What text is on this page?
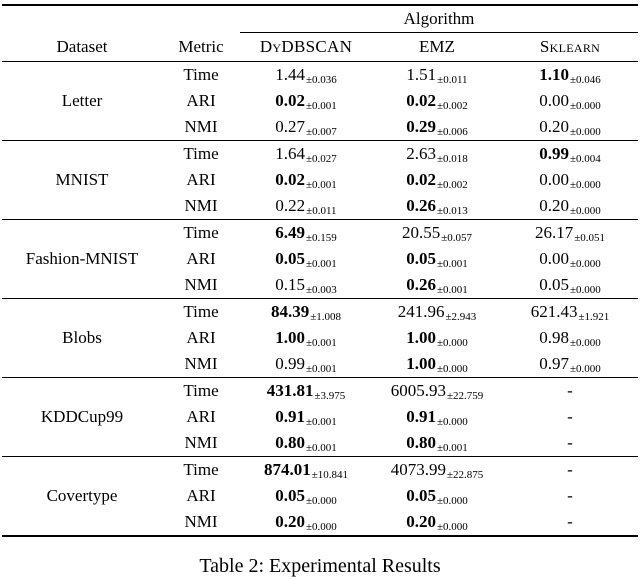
		Algorithm		
Dataset	Metric	DyDBSCAN	EMZ	Sklearn
Letter	Time	1.44±0.036	1.51±0.011	1.10±0.046
	ARI	0.02±0.001	0.02±0.002	0.00±0.000
	NMI	0.27±0.007	0.29±0.006	0.20±0.000
MNIST	Time	1.64±0.027	2.63±0.018	0.99±0.004
	ARI	0.02±0.001	0.02±0.002	0.00±0.000
	NMI	0.22±0.011	0.26±0.013	0.20±0.000
Fashion-MNIST	Time	6.49±0.159	20.55±0.057	26.17±0.051
	ARI	0.05±0.001	0.05±0.001	0.00±0.000
	NMI	0.15±0.003	0.26±0.001	0.05±0.000
Blobs	Time	84.39±1.008	241.96±2.943	621.43±1.921
	ARI	1.00±0.001	1.00±0.000	0.98±0.000
	NMI	0.99±0.001	1.00±0.000	0.97±0.000
KDDCup99	Time	431.81±3.975	6005.93±22.759	-
	ARI	0.91±0.001	0.91±0.000	-
	NMI	0.80±0.001	0.80±0.001	-
Covertype	Time	874.01±10.841	4073.99±22.875	-
	ARI	0.05±0.000	0.05±0.000	-
	NMI	0.20±0.000	0.20±0.000	-
Table 2: Experimental Results
